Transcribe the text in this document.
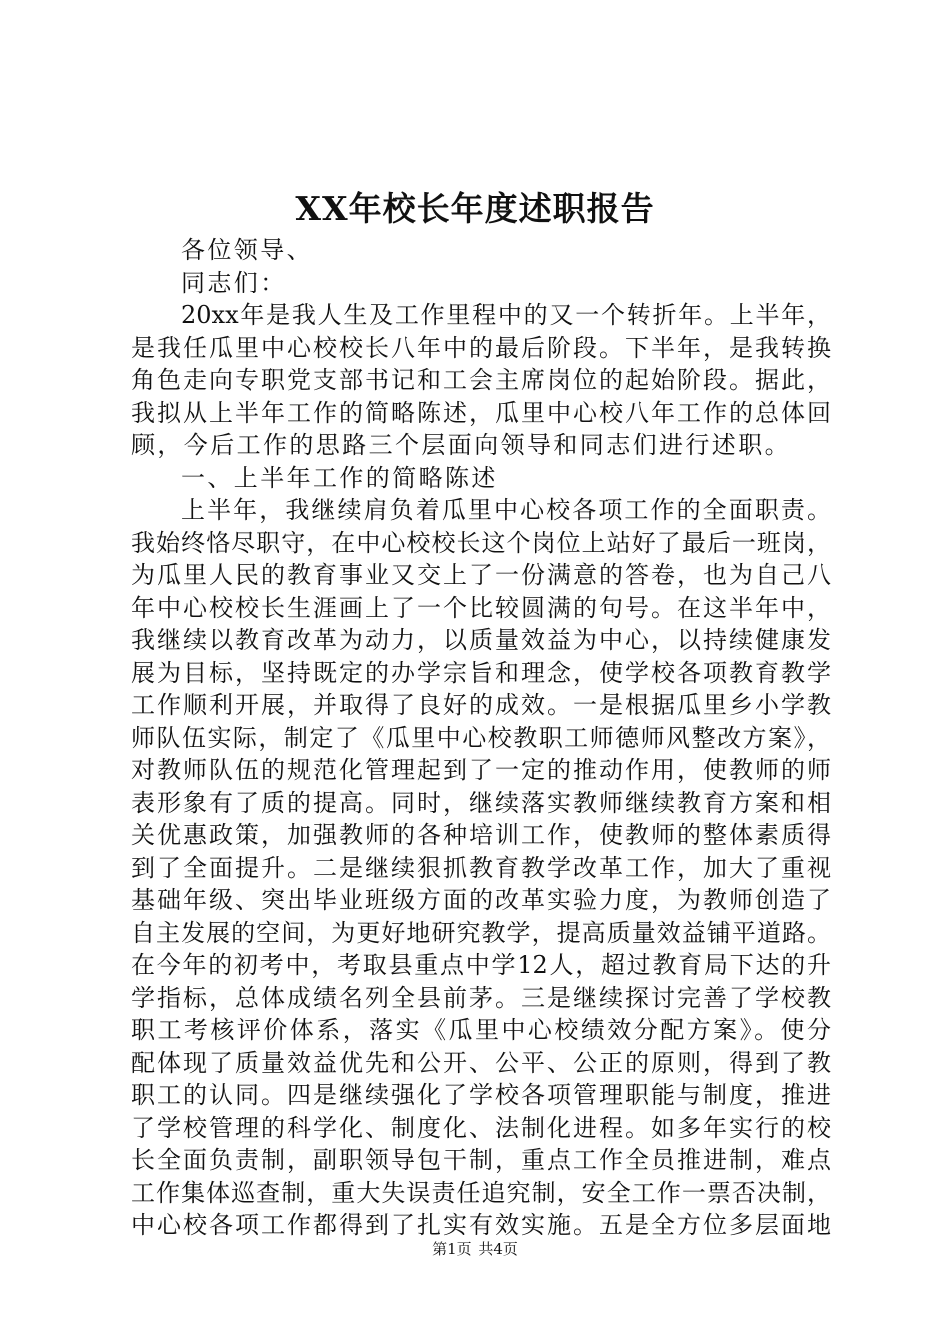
XX年校长年度述职报告
各位领导、
同志们：
20xx年是我人生及工作里程中的又一个转折年。上半年，
是我任瓜里中心校校长八年中的最后阶段。下半年，是我转换
角色走向专职党支部书记和工会主席岗位的起始阶段。据此，
我拟从上半年工作的简略陈述，瓜里中心校八年工作的总体回
顾，今后工作的思路三个层面向领导和同志们进行述职。
一、上半年工作的简略陈述
上半年，我继续肩负着瓜里中心校各项工作的全面职责。
我始终恪尽职守，在中心校校长这个岗位上站好了最后一班岗，
为瓜里人民的教育事业又交上了一份满意的答卷，也为自己八
年中心校校长生涯画上了一个比较圆满的句号。在这半年中，
我继续以教育改革为动力，以质量效益为中心，以持续健康发
展为目标，坚持既定的办学宗旨和理念，使学校各项教育教学
工作顺利开展，并取得了良好的成效。一是根据瓜里乡小学教
师队伍实际，制定了《瓜里中心校教职工师德师风整改方案》，
对教师队伍的规范化管理起到了一定的推动作用，使教师的师
表形象有了质的提高。同时，继续落实教师继续教育方案和相
关优惠政策，加强教师的各种培训工作，使教师的整体素质得
到了全面提升。二是继续狠抓教育教学改革工作，加大了重视
基础年级、突出毕业班级方面的改革实验力度，为教师创造了
自主发展的空间，为更好地研究教学，提高质量效益铺平道路。
在今年的初考中，考取县重点中学12人，超过教育局下达的升
学指标，总体成绩名列全县前茅。三是继续探讨完善了学校教
职工考核评价体系，落实《瓜里中心校绩效分配方案》。使分
配体现了质量效益优先和公开、公平、公正的原则，得到了教
职工的认同。四是继续强化了学校各项管理职能与制度，推进
了学校管理的科学化、制度化、法制化进程。如多年实行的校
长全面负责制，副职领导包干制，重点工作全员推进制，难点
工作集体巡查制，重大失误责任追究制，安全工作一票否决制，
中心校各项工作都得到了扎实有效实施。五是全方位多层面地
第1页 共4页
